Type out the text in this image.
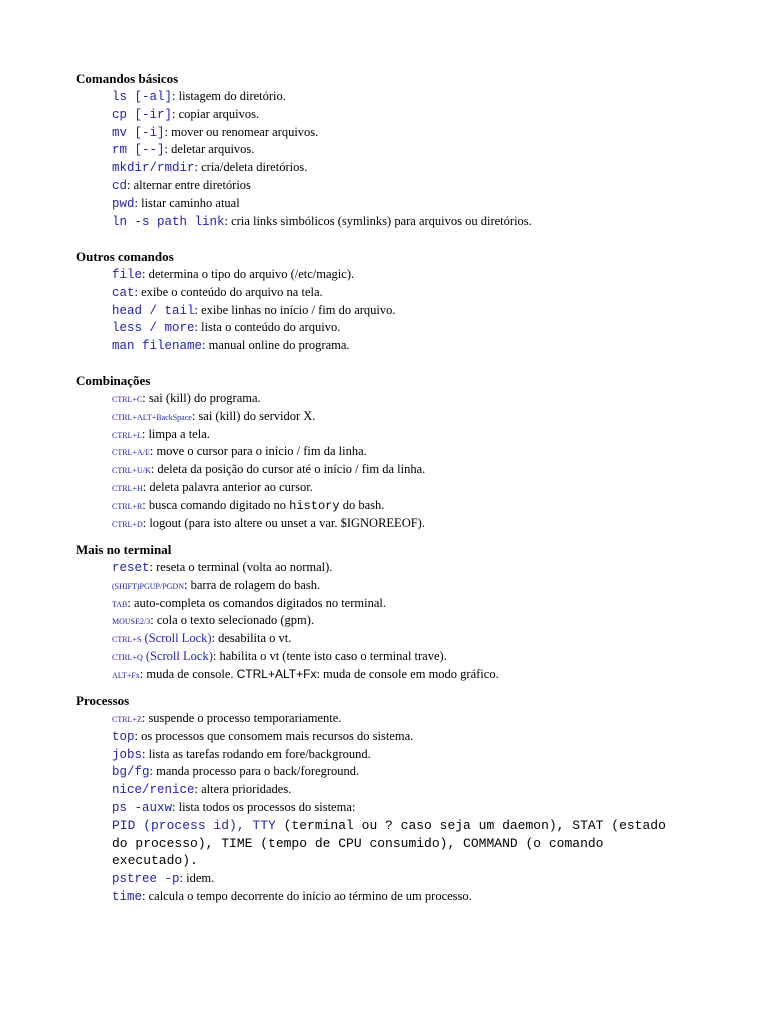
Comandos básicos
ls [-al]: listagem do diretório.
cp [-ir]: copiar arquivos.
mv [-i]: mover ou renomear arquivos.
rm [--]: deletar arquivos.
mkdir/rmdir: cria/deleta diretórios.
cd: alternar entre diretórios
pwd: listar caminho atual
ln -s path link: cria links simbólicos (symlinks) para arquivos ou diretórios.
Outros comandos
file: determina o tipo do arquivo (/etc/magic).
cat: exibe o conteúdo do arquivo na tela.
head / tail: exibe linhas no início / fim do arquivo.
less / more: lista o conteúdo do arquivo.
man filename: manual online do programa.
Combinações
CTRL+C: sai (kill) do programa.
CTRL+ALT+BackSpace: sai (kill) do servidor X.
CTRL+L: limpa a tela.
CTRL+A/E: move o cursor para o início / fim da linha.
CTRL+U/K: deleta da posição do cursor até o início / fim da linha.
CTRL+H: deleta palavra anterior ao cursor.
CTRL+R: busca comando digitado no history do bash.
CTRL+D: logout (para isto altere ou unset a var. $IGNOREEOF).
Mais no terminal
reset: reseta o terminal (volta ao normal).
(SHIFT)PGUP/PGDN: barra de rolagem do bash.
TAB: auto-completa os comandos digitados no terminal.
MOUSE2/3: cola o texto selecionado (gpm).
CTRL+S (Scroll Lock): desabilita o vt.
CTRL+Q (Scroll Lock): habilita o vt (tente isto caso o terminal trave).
ALT+Fx: muda de console. CTRL+ALT+Fx: muda de console em modo gráfico.
Processos
CTRL+Z: suspende o processo temporariamente.
top: os processos que consomem mais recursos do sistema.
jobs: lista as tarefas rodando em fore/background.
bg/fg: manda processo para o back/foreground.
nice/renice: altera prioridades.
ps -auxw: lista todos os processos do sistema:
PID (process id), TTY (terminal ou ? caso seja um daemon), STAT (estado do processo), TIME (tempo de CPU consumido), COMMAND (o comando executado).
pstree -p: idem.
time: calcula o tempo decorrente do início ao término de um processo.
